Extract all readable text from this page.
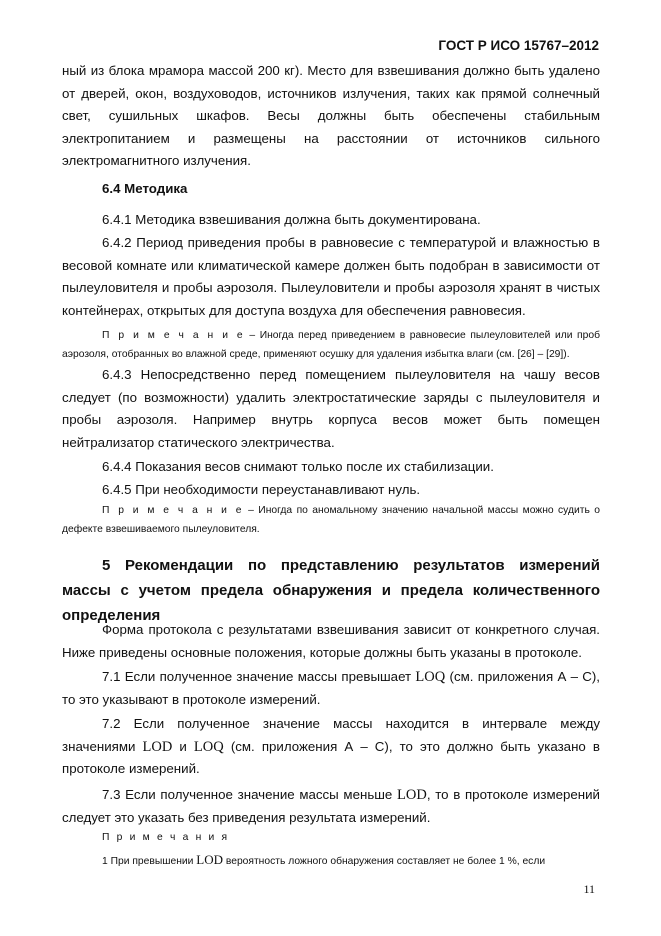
ГОСТ Р ИСО 15767–2012

ный из блока мрамора массой 200 кг). Место для взвешивания должно быть удалено от дверей, окон, воздуховодов, источников излучения, таких как прямой солнечный свет, сушильных шкафов. Весы должны быть обеспечены стабильным электропитанием и размещены на расстоянии от источников сильного электромагнитного излучения.

6.4 Методика

6.4.1 Методика взвешивания должна быть документирована.

6.4.2 Период приведения пробы в равновесие с температурой и влажностью в весовой комнате или климатической камере должен быть подобран в зависимости от пылеуловителя и пробы аэрозоля. Пылеуловители и пробы аэрозоля хранят в чистых контейнерах, открытых для доступа воздуха для обеспечения равновесия.

П р и м е ч а н и е – Иногда перед приведением в равновесие пылеуловителей или проб аэрозоля, отобранных во влажной среде, применяют осушку для удаления избытка влаги (см. [26] – [29]).

6.4.3 Непосредственно перед помещением пылеуловителя на чашу весов следует (по возможности) удалить электростатические заряды с пылеуловителя и пробы аэрозоля. Например внутрь корпуса весов может быть помещен нейтрализатор статического электричества.

6.4.4 Показания весов снимают только после их стабилизации.

6.4.5 При необходимости переустанавливают нуль.

П р и м е ч а н и е – Иногда по аномальному значению начальной массы можно судить о дефекте взвешиваемого пылеуловителя.

5 Рекомендации по представлению результатов измерений массы с учетом предела обнаружения и предела количественного определения

Форма протокола с результатами взвешивания зависит от конкретного случая. Ниже приведены основные положения, которые должны быть указаны в протоколе.

7.1 Если полученное значение массы превышает LOQ (см. приложения А – С), то это указывают в протоколе измерений.

7.2 Если полученное значение массы находится в интервале между значениями LOD и LOQ (см. приложения А – С), то это должно быть указано в протоколе измерений.

7.3 Если полученное значение массы меньше LOD, то в протоколе измерений следует это указать без приведения результата измерений.

П р и м е ч а н и я

1 При превышении LOD вероятность ложного обнаружения составляет не более 1 %, если

11
